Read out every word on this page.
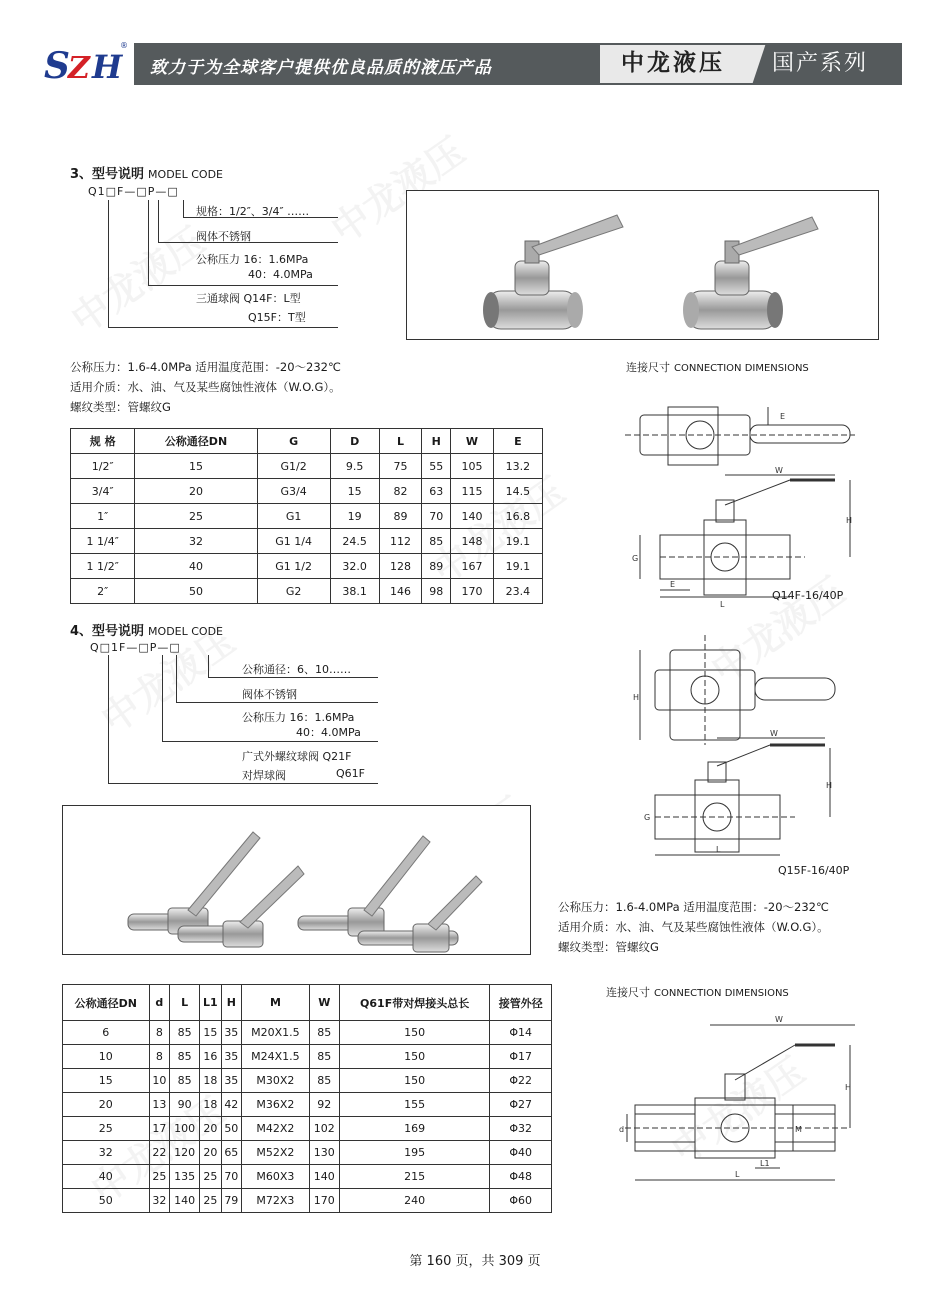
S
Z H
®
致力于为全球客户提供优良品质的液压产品	中龙液压	国产系列
3、型号说明 MODEL CODE
Q1□F—□P—□
规格：1/2″、3/4″ ……
阀体不锈钢
公称压力 16：1.6MPa
40：4.0MPa
三通球阀 Q14F：L型
Q15F：T型
公称压力：1.6-4.0MPa 适用温度范围：-20～232℃
适用介质：水、油、气及某些腐蚀性液体（W.O.G）。
螺纹类型：管螺纹G
规 格	公称通径DN	G	D	L	H	W	E
1/2″	15	G1/2	9.5	75	55	105	13.2
3/4″	20	G3/4	15	82	63	115	14.5
1″	25	G1	19	89	70	140	16.8
1 1/4″	32	G1 1/4	24.5	112	85	148	19.1
1 1/2″	40	G1 1/2	32.0	128	89	167	19.1
2″	50	G2	38.1	146	98	170	23.4
4、型号说明 MODEL CODE
Q□1F—□P—□
公称通径：6、10……
阀体不锈钢
公称压力 16：1.6MPa
40：4.0MPa
广式外螺纹球阀 Q21F
对焊球阀	Q61F
公称通径DN	d	L	L1	H	M	W	Q61F带对焊接头总长	接管外径
6	8	85	15	35	M20X1.5	85	150	Φ14
10	8	85	16	35	M24X1.5	85	150	Φ17
15	10	85	18	35	M30X2	85	150	Φ22
20	13	90	18	42	M36X2	92	155	Φ27
25	17	100	20	50	M42X2	102	169	Φ32
32	22	120	20	65	M52X2	130	195	Φ40
40	25	135	25	70	M60X3	140	215	Φ48
50	32	140	25	79	M72X3	170	240	Φ60
连接尺寸 CONNECTION DIMENSIONS
E
W
H
G
L
E
Q14F-16/40P
H
W
H
G
L
Q15F-16/40P
公称压力：1.6-4.0MPa 适用温度范围：-20～232℃
适用介质：水、油、气及某些腐蚀性液体（W.O.G）。
螺纹类型：管螺纹G
连接尺寸 CONNECTION DIMENSIONS
W
H
d	M
L1
L
第 160 页，共 309 页
